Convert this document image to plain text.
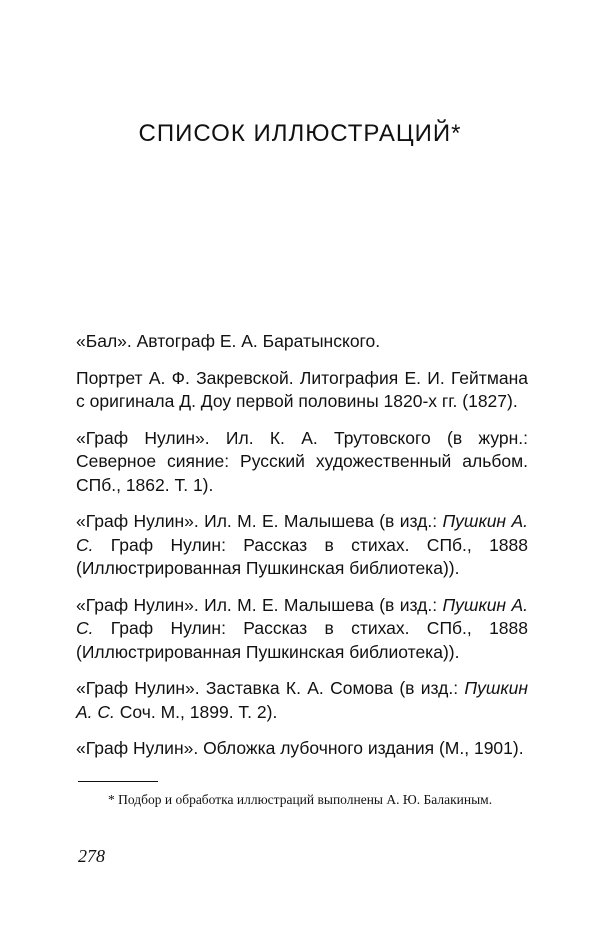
СПИСОК ИЛЛЮСТРАЦИЙ*

«Бал». Автограф Е. А. Баратынского.

Портрет А. Ф. Закревской. Литография Е. И. Гейтмана с оригинала Д. Доу первой половины 1820-х гг. (1827).

«Граф Нулин». Ил. К. А. Трутовского (в журн.: Северное сияние: Русский художественный альбом. СПб., 1862. Т. 1).

«Граф Нулин». Ил. М. Е. Малышева (в изд.: Пушкин А. С. Граф Нулин: Рассказ в стихах. СПб., 1888 (Иллюстрированная Пушкинская библиотека)).

«Граф Нулин». Ил. М. Е. Малышева (в изд.: Пушкин А. С. Граф Нулин: Рассказ в стихах. СПб., 1888 (Иллюстрированная Пушкинская библиотека)).

«Граф Нулин». Заставка К. А. Сомова (в изд.: Пушкин А. С. Соч. М., 1899. Т. 2).

«Граф Нулин». Обложка лубочного издания (М., 1901).

* Подбор и обработка иллюстраций выполнены А. Ю. Балакиным.

278
